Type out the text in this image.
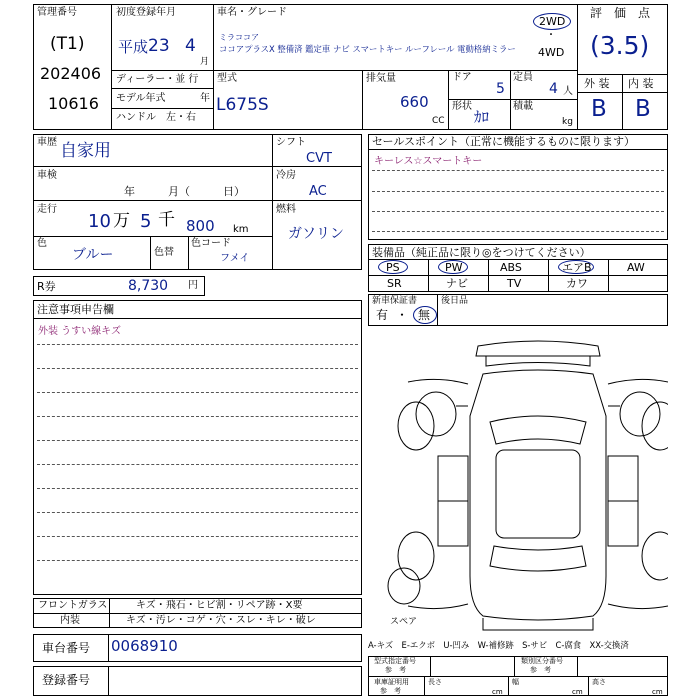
管理番号
(T1)
202406
10616
初度登録年月
平成 23 4
月
車名・グレード
ミラココア
ココアプラスX 整備済 鑑定車 ナビ スマートキー ルーフレール 電動格納ミラー
2WD
・
4WD
ディーラー・並 行
モデル年式	年
ハンドル　左・右
型式
L675S
排気量
660
CC
ドア
5
定員
4 人
形状
ｶﾛ
積載
kg
評　価　点
(3.5)
外 装 内 装
B B
車歴 自家用
車検
年　　　月（　　　日）
走行
10 万 5 千 800 km
色
ブルー	色替
色コード
フメイ
シフト
CVT
冷房
AC
燃料
ガソリン
R券	8,730 円
セールスポイント（正常に機能するものに限ります）
キーレス☆スマートキー
装備品（純正品に限り◎をつけてください）
PS	PW	ABS	エアB	AW
SR	ナビ	TV	カワ
新車保証書
有 ・ 無
後日品
注意事項申告欄
外装 うすい線キズ
スペア
フロントガラス	キズ・飛石・ヒビ割・リペア跡・X要
内装	キズ・汚レ・コゲ・穴・スレ・キレ・破レ
車台番号 0068910
登録番号
A-キズ　E-エクボ　U-凹み　W-補修跡　S-サビ　C-腐食　XX-交換済
型式指定番号
参　考
類別区分番号
参　考
車庫証明用
参　考
長さ
cm
幅
cm
高さ
cm
